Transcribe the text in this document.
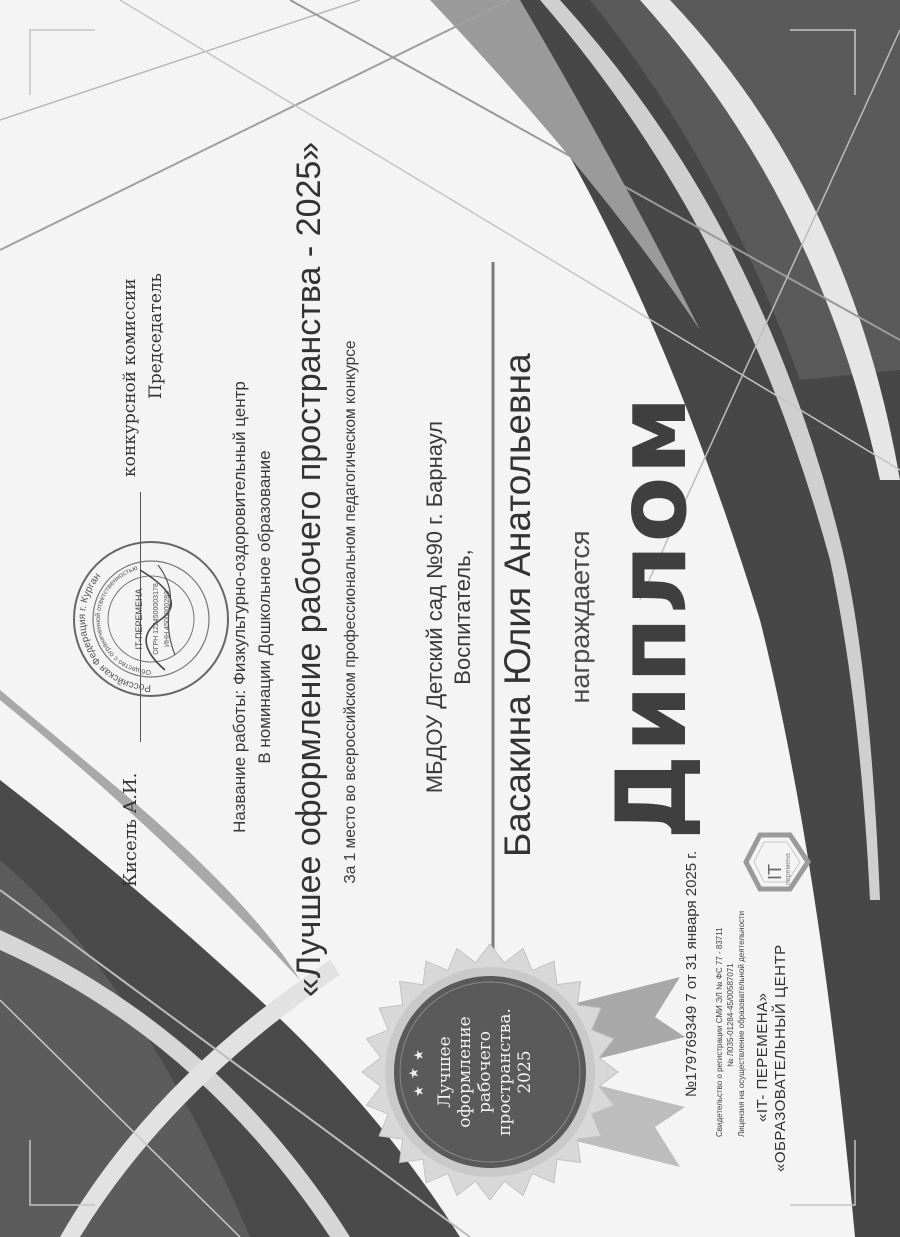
Диплом
награждается
Басакина Юлия Анатольевна
Воспитатель,
МБДОУ Детский сад №90 г. Барнаул
За 1 место во всероссийском профессиональном педагогическом конкурсе
«Лучшее оформление рабочего пространства - 2025»
В номинации Дошкольное образование
Название работы: Физкультурно-оздоровительный центр
Председатель
конкурсной комиссии
Кисель А.И.
«ОБРАЗОВАТЕЛЬНЫЙ ЦЕНТР
«IT- ПЕРЕМЕНА»
Лицензия на осуществление образовательной деятельности
№ Л035-01284-45/00587071
Свидетельство о регистрации СМИ ЭЛ № ФС 77 - 83711
№179769349 7 от 31 января 2025 г.	IT перемена
★
★
★ Лучшее оформление рабочего пространства. 2025
Российская Федерация г. Курган
Общество с ограниченной ответственностью
IT-ПЕРЕМЕНА ОГРН 1224500003178 ИНН 4500000283
